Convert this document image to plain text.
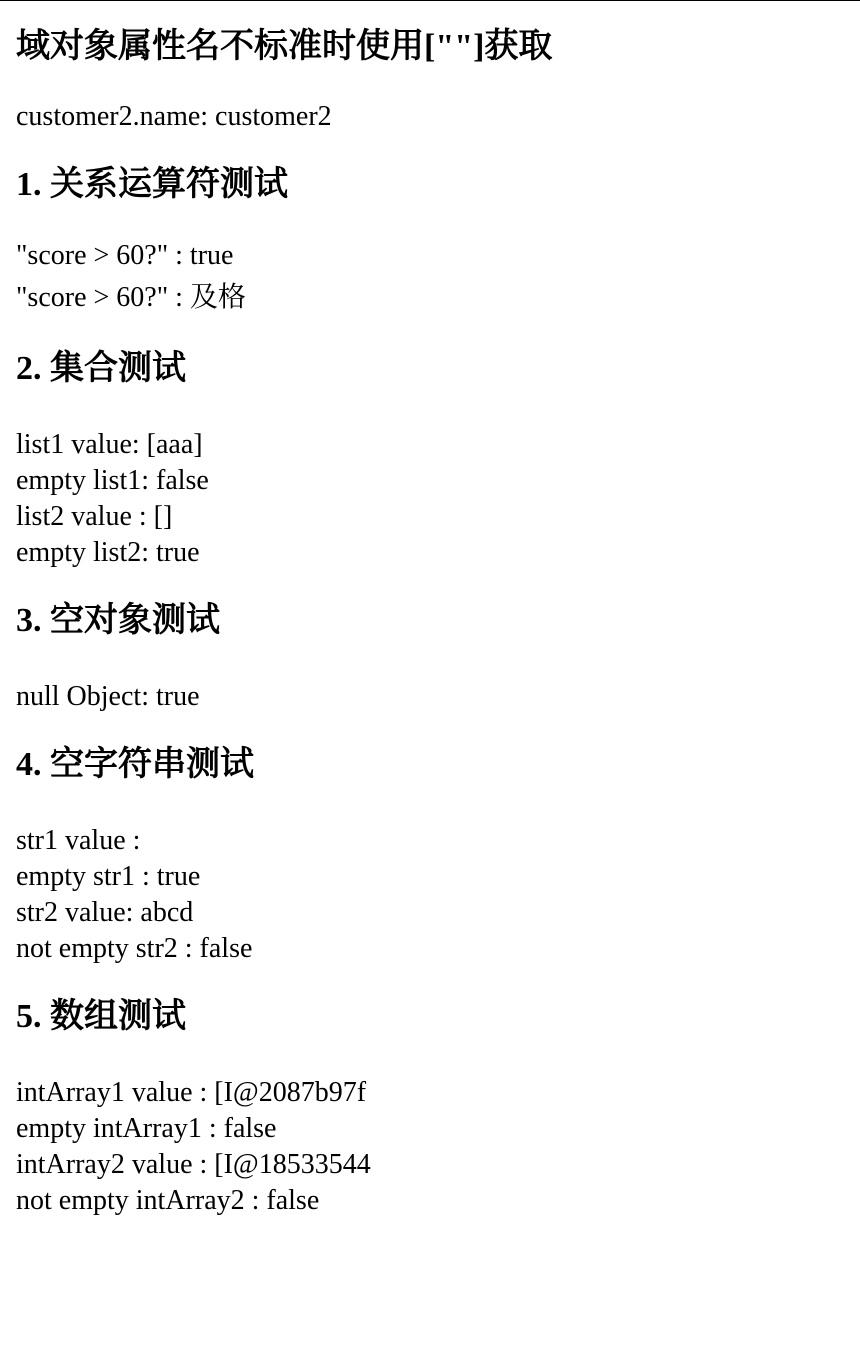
域对象属性名不标准时使用[""]获取

customer2.name: customer2

1. 关系运算符测试
"score > 60?" : true
"score > 60?" : 及格
2. 集合测试
list1 value: [aaa]
empty list1: false
list2 value : []
empty list2: true
3. 空对象测试
null Object: true
4. 空字符串测试
str1 value :
empty str1 : true
str2 value: abcd
not empty str2 : false
5. 数组测试
intArray1 value : [I@2087b97f
empty intArray1 : false
intArray2 value : [I@18533544
not empty intArray2 : false
